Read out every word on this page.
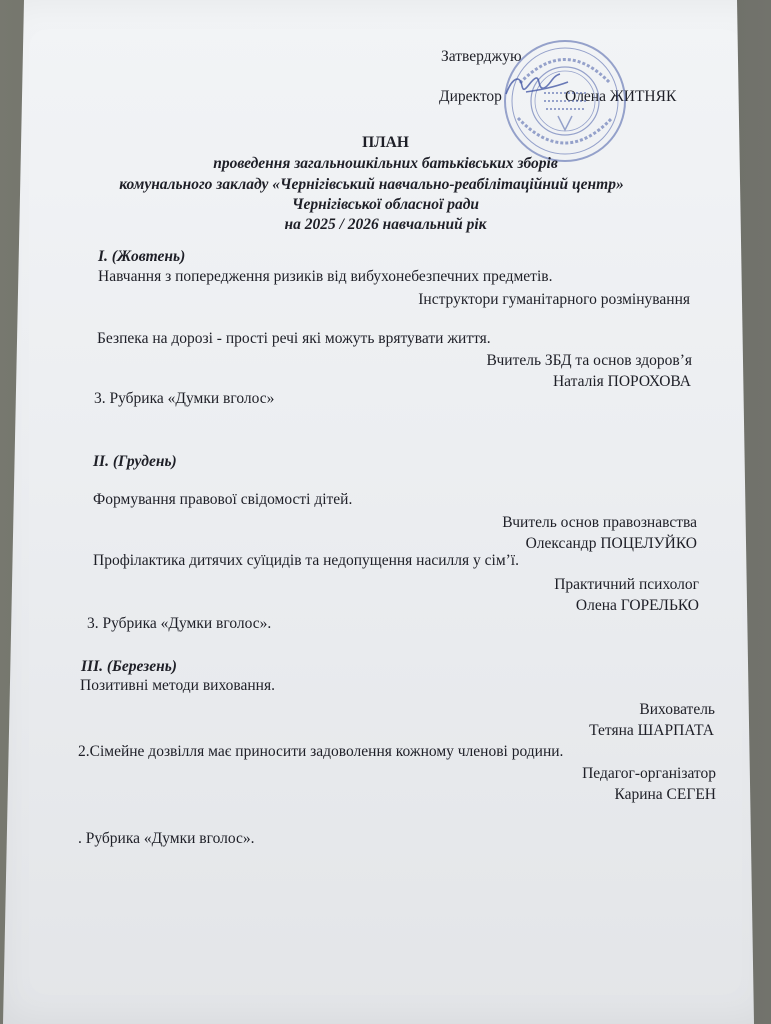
Затверджую
Директор	Олена ЖИТНЯК
ПЛАН
проведення загальношкільних батьківських зборів
комунального закладу «Чернігівський навчально-реабілітаційний центр»
Чернігівської обласної ради
на 2025 / 2026 навчальний рік
I. (Жовтень)
Навчання з попередження ризиків від вибухонебезпечних предметів.
Інструктори гуманітарного розмінування
Безпека на дорозі - прості речі які можуть врятувати життя.
Вчитель ЗБД та основ здоров’я
Наталія ПОРОХОВА
3. Рубрика «Думки вголос»
II. (Грудень)
Формування правової свідомості дітей.
Вчитель основ правознавства
Олександр ПОЦЕЛУЙКО
Профілактика дитячих суїцидів та недопущення насилля у сім’ї.
Практичний психолог
Олена ГОРЕЛЬКО
3. Рубрика «Думки вголос».
III. (Березень)
Позитивні методи виховання.
Вихователь
Тетяна ШАРПАТА
2.Сімейне дозвілля має приносити задоволення кожному членові родини.
Педагог-організатор
Карина СЕГЕН
. Рубрика «Думки вголос».
